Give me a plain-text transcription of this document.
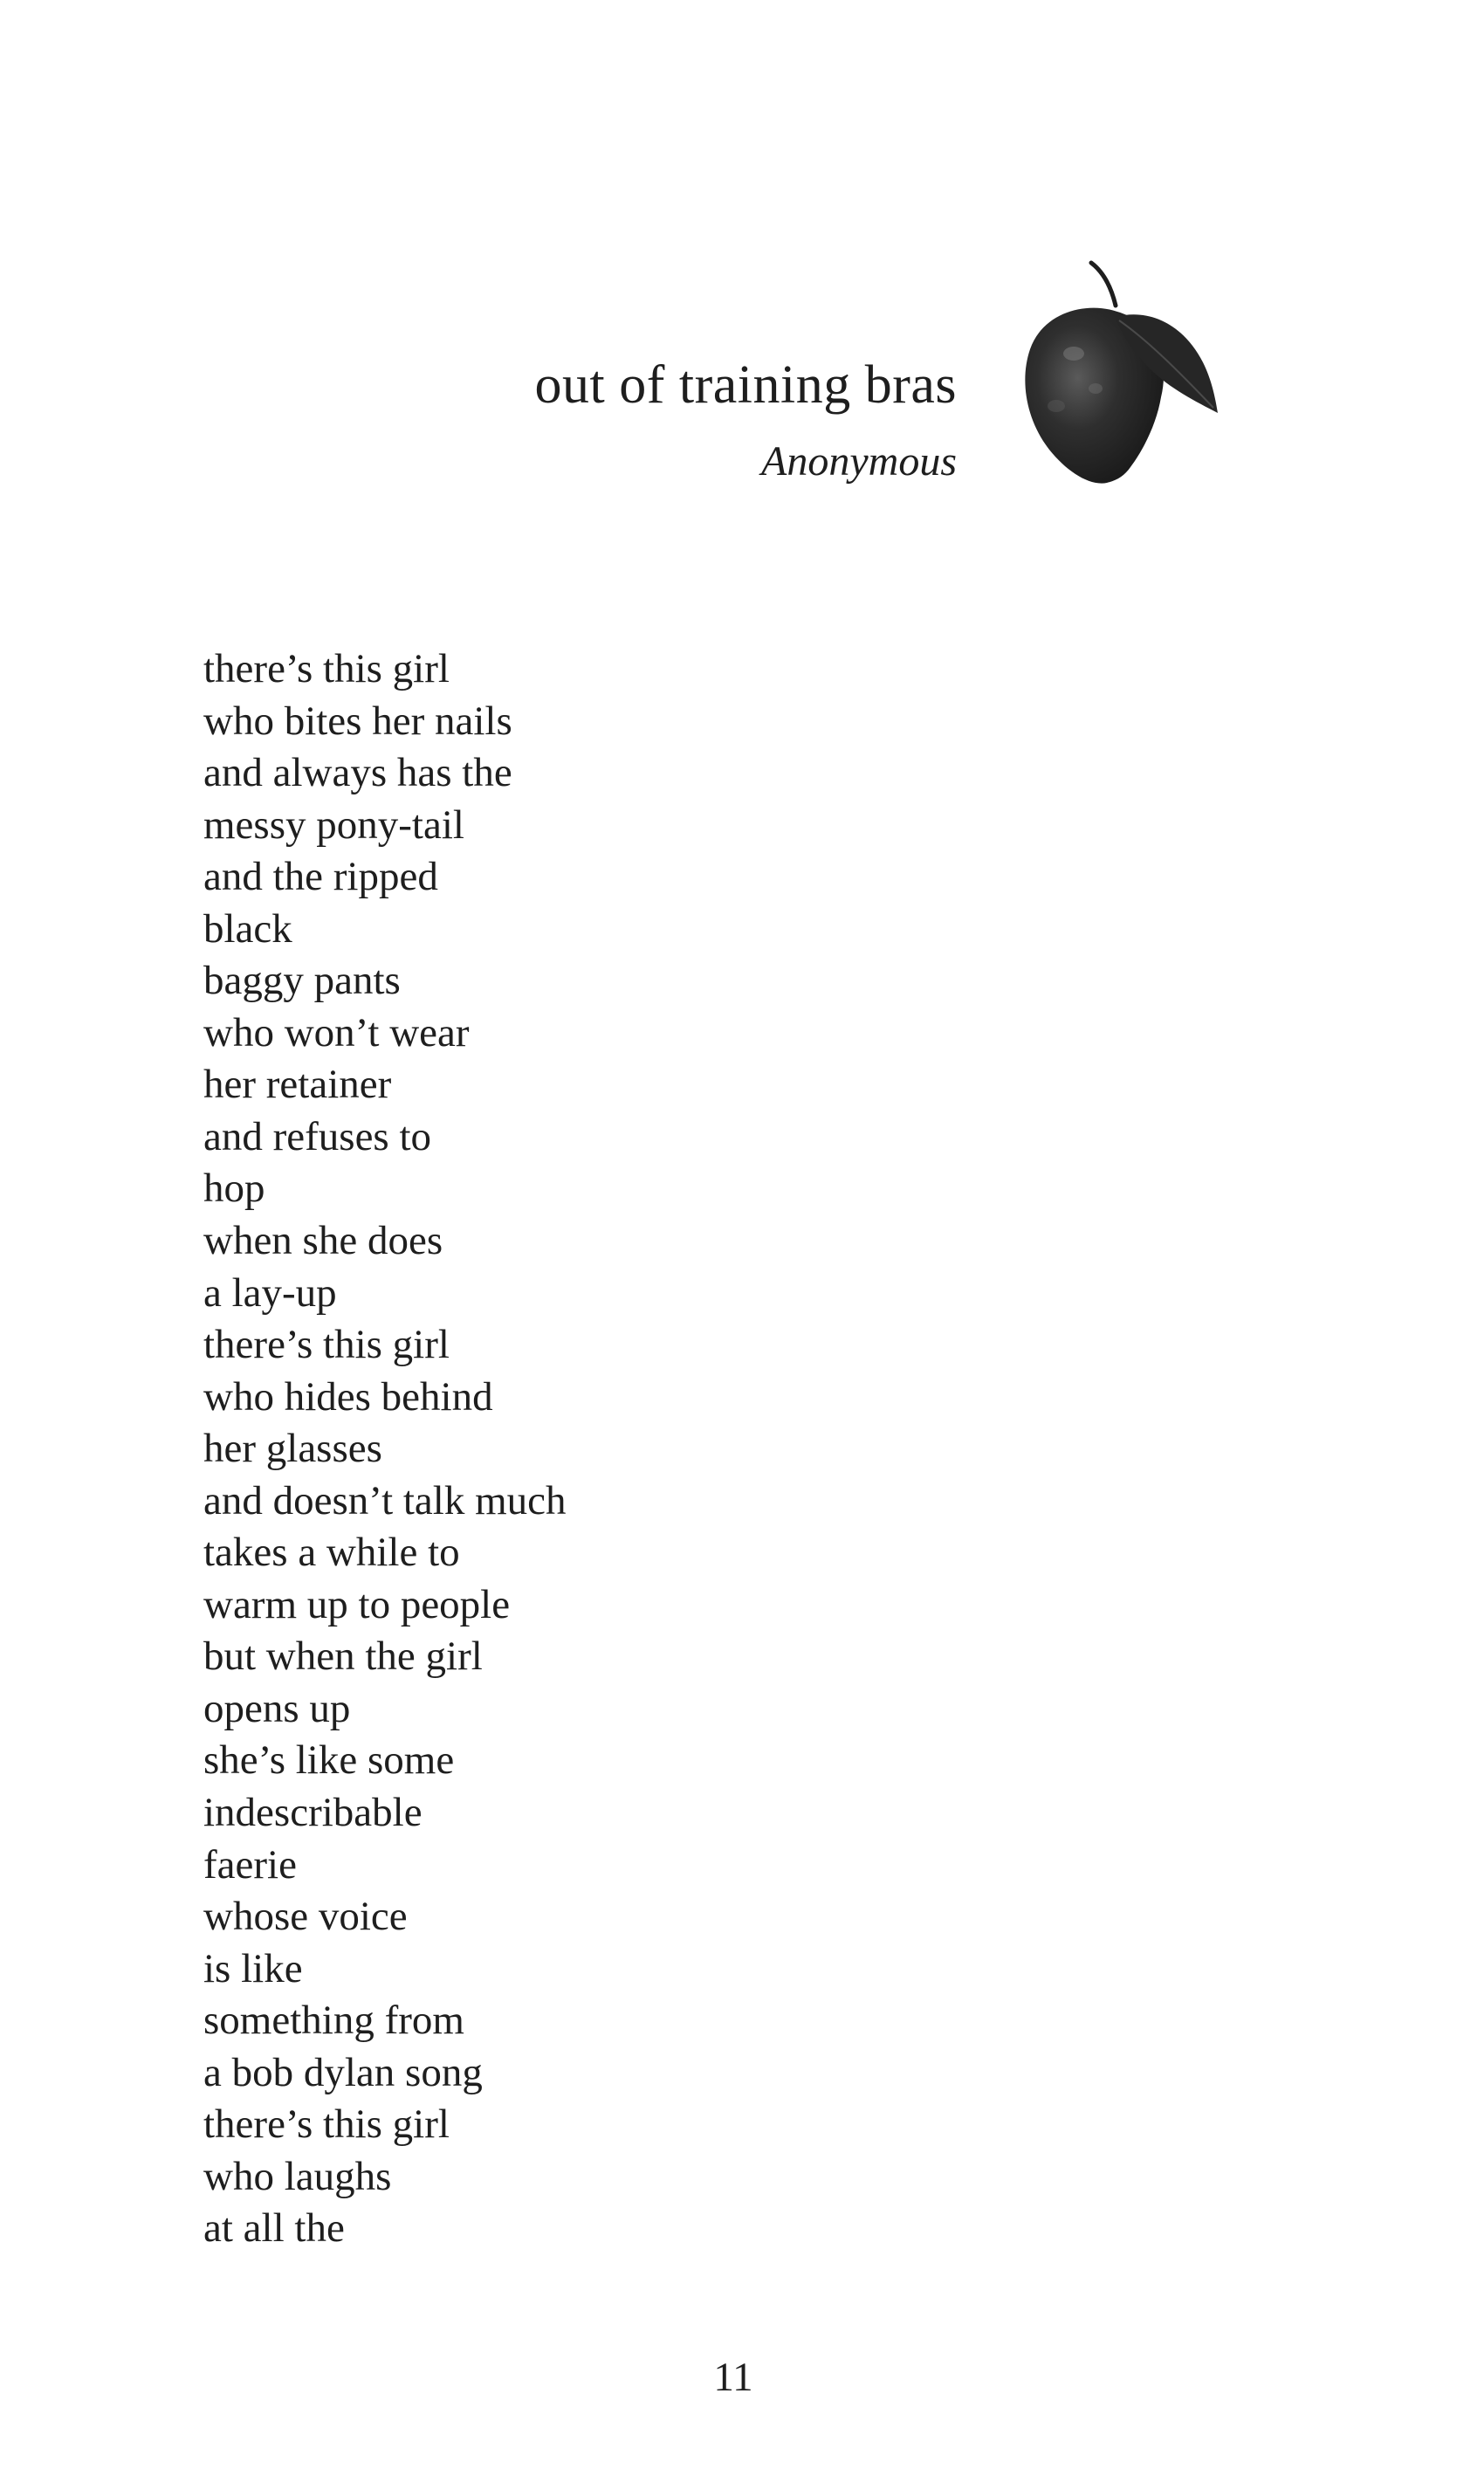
out of training bras
Anonymous
there’s this girl
who bites her nails
and always has the
messy pony-tail
and the ripped
black
baggy pants
who won’t wear
her retainer
and refuses to
hop
when she does
a lay-up
there’s this girl
who hides behind
her glasses
and doesn’t talk much
takes a while to
warm up to people
but when the girl
opens up
she’s like some
indescribable
faerie
whose voice
is like
something from
a bob dylan song
there’s this girl
who laughs
at all the
11
